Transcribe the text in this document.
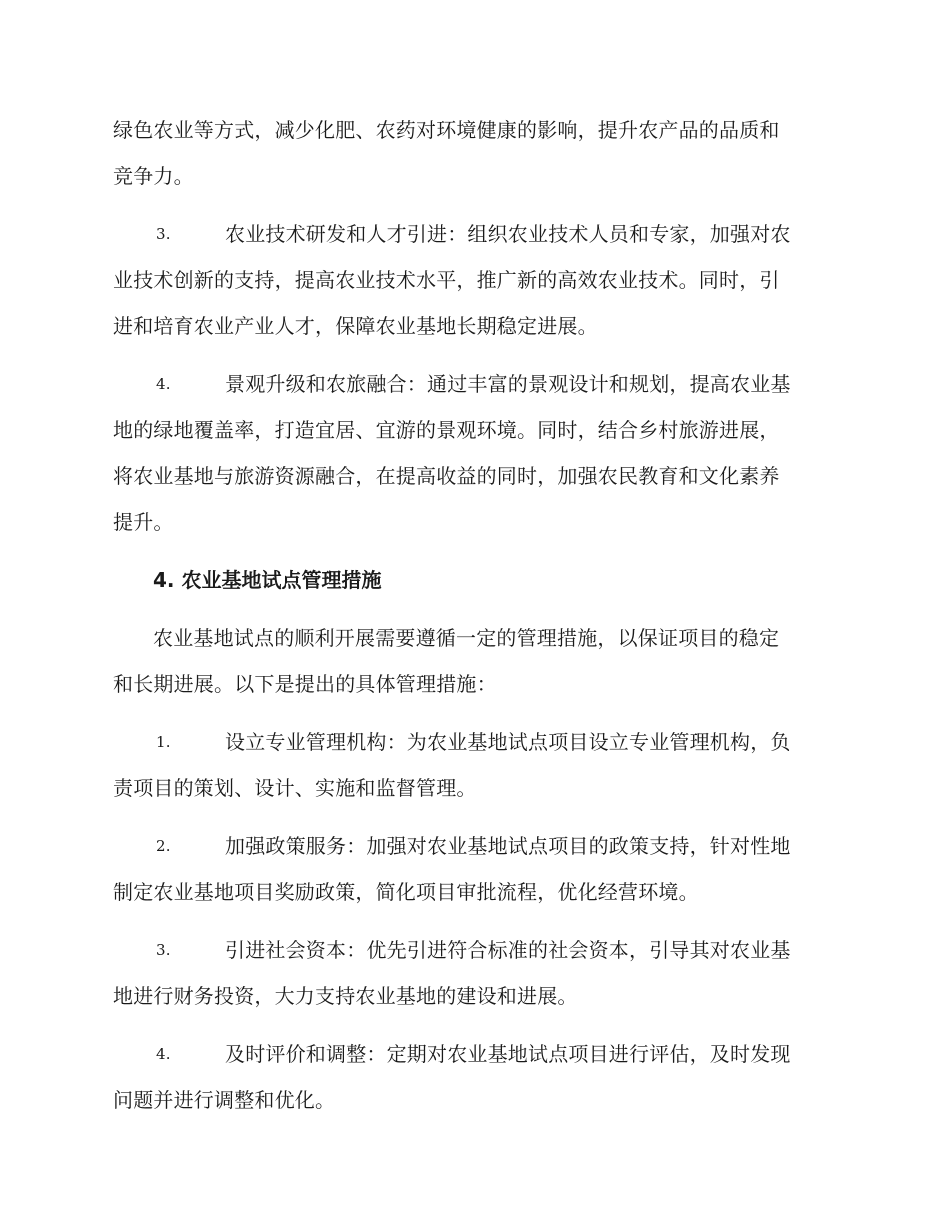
绿色农业等方式，减少化肥、农药对环境健康的影响，提升农产品的品质和
竞争力。
3.	农业技术研发和人才引进：组织农业技术人员和专家，加强对农
业技术创新的支持，提高农业技术水平，推广新的高效农业技术。同时，引
进和培育农业产业人才，保障农业基地长期稳定进展。
4.	景观升级和农旅融合：通过丰富的景观设计和规划，提高农业基
地的绿地覆盖率，打造宜居、宜游的景观环境。同时，结合乡村旅游进展，
将农业基地与旅游资源融合，在提高收益的同时，加强农民教育和文化素养
提升。
4. 农业基地试点管理措施
农业基地试点的顺利开展需要遵循一定的管理措施，以保证项目的稳定
和长期进展。以下是提出的具体管理措施：
1.	设立专业管理机构：为农业基地试点项目设立专业管理机构，负
责项目的策划、设计、实施和监督管理。
2.	加强政策服务：加强对农业基地试点项目的政策支持，针对性地
制定农业基地项目奖励政策，简化项目审批流程，优化经营环境。
3.	引进社会资本：优先引进符合标准的社会资本，引导其对农业基
地进行财务投资，大力支持农业基地的建设和进展。
4.	及时评价和调整：定期对农业基地试点项目进行评估，及时发现
问题并进行调整和优化。
